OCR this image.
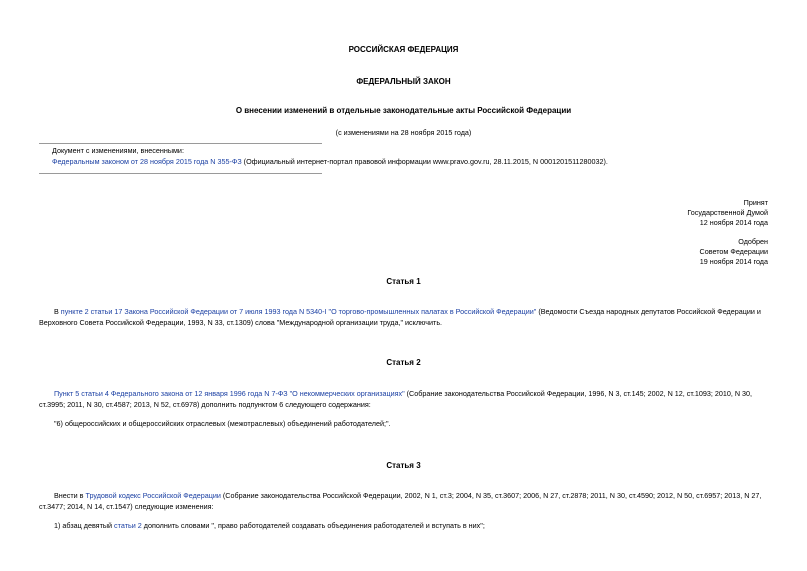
РОССИЙСКАЯ ФЕДЕРАЦИЯ
ФЕДЕРАЛЬНЫЙ ЗАКОН
О внесении изменений в отдельные законодательные акты Российской Федерации
(с изменениями на 28 ноября 2015 года)
Документ с изменениями, внесенными:
Федеральным законом от 28 ноября 2015 года N 355-ФЗ (Официальный интернет-портал правовой информации www.pravo.gov.ru, 28.11.2015, N 0001201511280032).
Принят
Государственной Думой
12 ноября 2014 года
Одобрен
Советом Федерации
19 ноября 2014 года
Статья 1
В пункте 2 статьи 17 Закона Российской Федерации от 7 июля 1993 года N 5340-I "О торгово-промышленных палатах в Российской Федерации" (Ведомости Съезда народных депутатов Российской Федерации и Верховного Совета Российской Федерации, 1993, N 33, ст.1309) слова "Международной организации труда," исключить.
Статья 2
Пункт 5 статьи 4 Федерального закона от 12 января 1996 года N 7-ФЗ "О некоммерческих организациях" (Собрание законодательства Российской Федерации, 1996, N 3, ст.145; 2002, N 12, ст.1093; 2010, N 30, ст.3995; 2011, N 30, ст.4587; 2013, N 52, ст.6978) дополнить подпунктом 6 следующего содержания:
"6) общероссийских и общероссийских отраслевых (межотраслевых) объединений работодателей;".
Статья 3
Внести в Трудовой кодекс Российской Федерации (Собрание законодательства Российской Федерации, 2002, N 1, ст.3; 2004, N 35, ст.3607; 2006, N 27, ст.2878; 2011, N 30, ст.4590; 2012, N 50, ст.6957; 2013, N 27, ст.3477; 2014, N 14, ст.1547) следующие изменения:
1) абзац девятый статьи 2 дополнить словами ", право работодателей создавать объединения работодателей и вступать в них";
